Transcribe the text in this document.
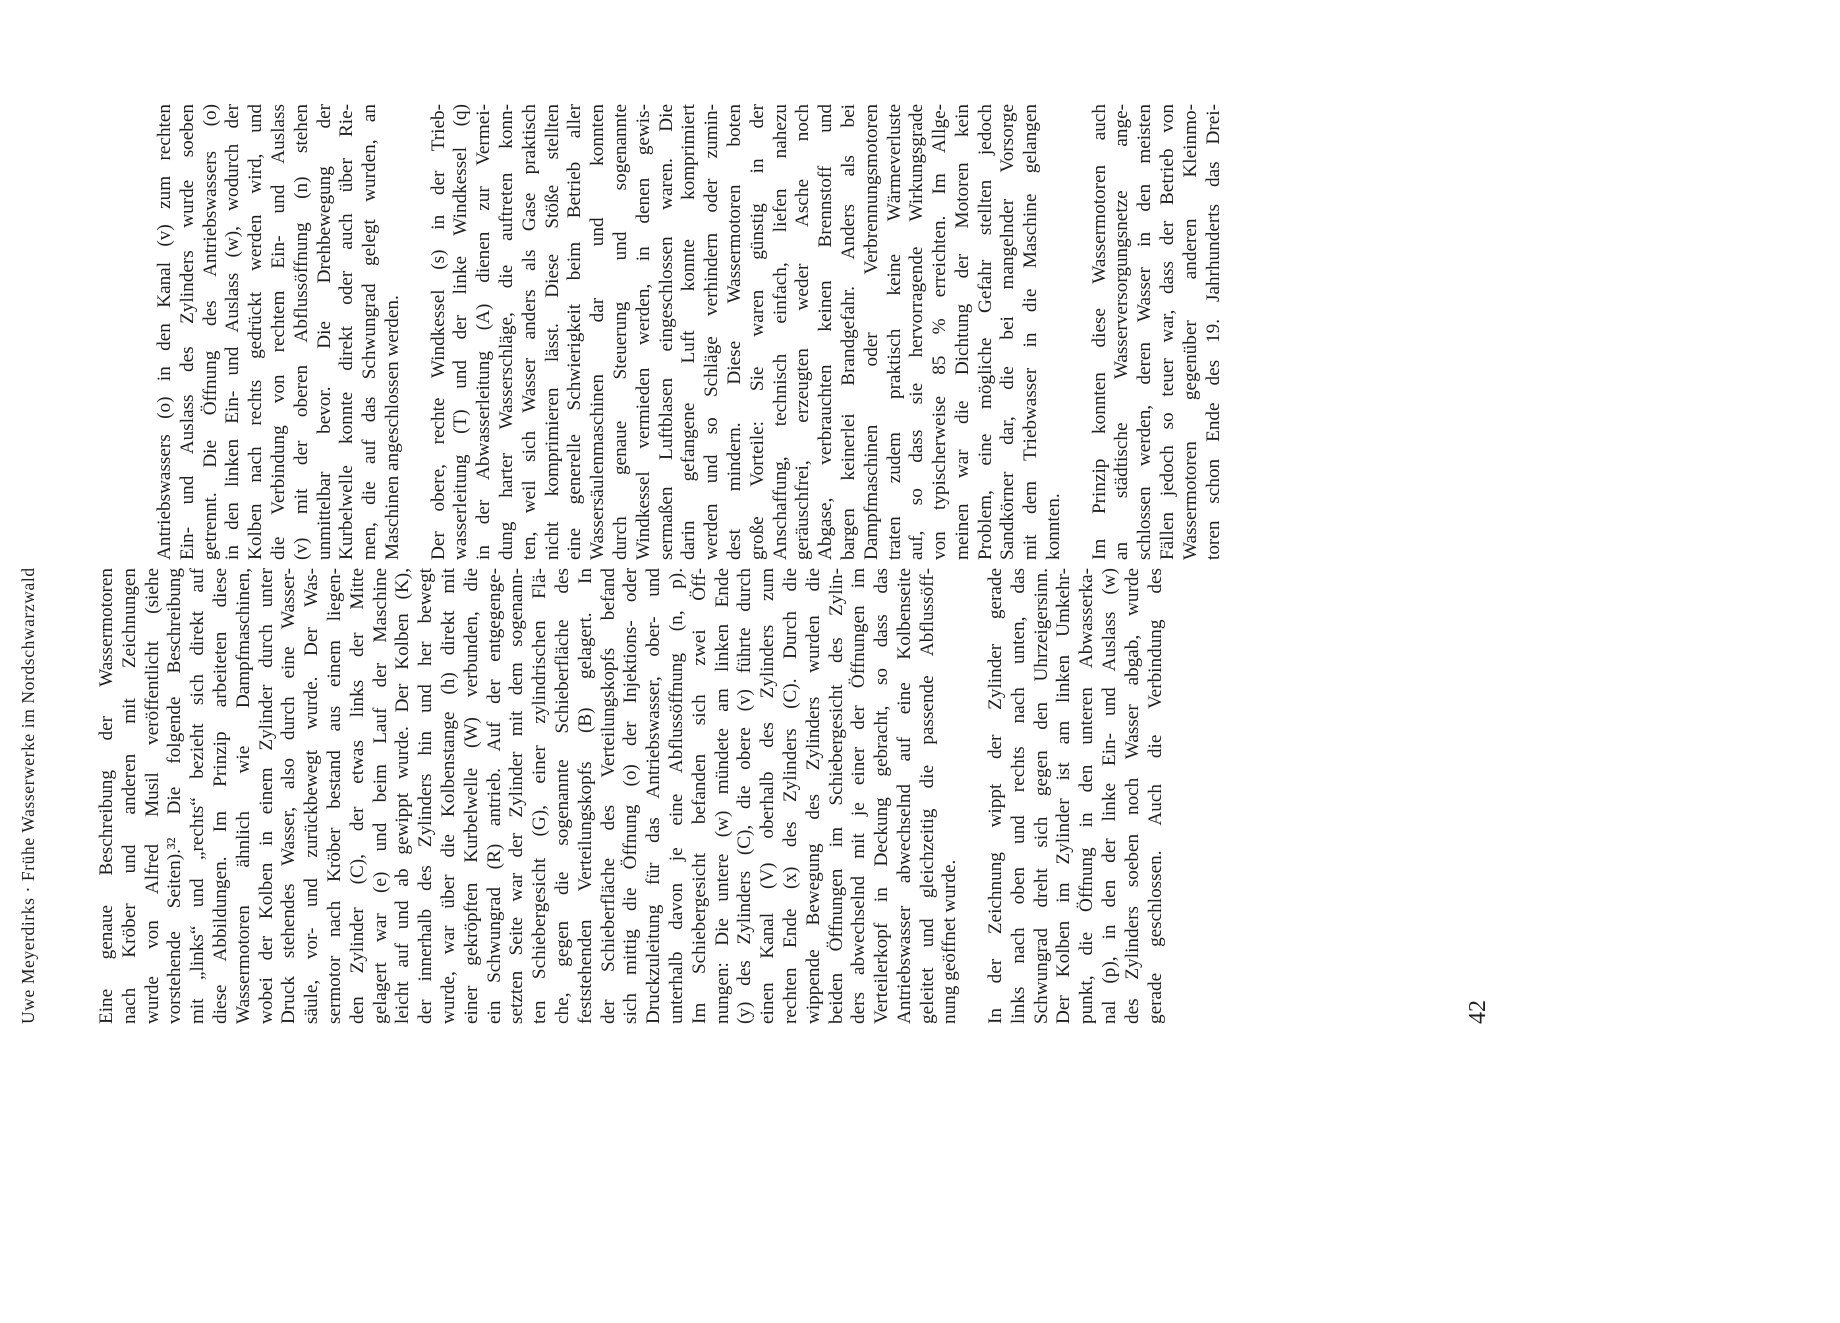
Uwe Meyerdirks · Frühe Wasserwerke im Nordschwarzwald	Eine genaue Beschreibung der Wassermotoren nach Kröber und anderen mit Zeichnungen wurde von Alfred Musil veröffentlicht (siehe vorstehende Seiten).³² Die folgende Beschreibung mit „links“ und „rechts“ bezieht sich direkt auf diese Abbildungen. Im Prinzip arbeiteten diese Wassermotoren ähnlich wie Dampfmaschinen, wobei der Kolben in einem Zylinder durch unter Druck stehendes Wasser, also durch eine Wasser- säule, vor- und zurückbewegt wurde. Der Was- sermotor nach Kröber bestand aus einem liegen- den Zylinder (C), der etwas links der Mitte gelagert war (e) und beim Lauf der Maschine leicht auf und ab gewippt wurde. Der Kolben (K), der innerhalb des Zylinders hin und her bewegt wurde, war über die Kolbenstange (h) direkt mit einer gekröpften Kurbelwelle (W) verbunden, die ein Schwungrad (R) antrieb. Auf der entgegenge- setzten Seite war der Zylinder mit dem sogenann- ten Schiebergesicht (G), einer zylindrischen Flä- che, gegen die sogenannte Schieberfläche des feststehenden Verteilungskopfs (B) gelagert. In der Schieberfläche des Verteilungskopfs befand sich mittig die Öffnung (o) der Injektions- oder Druckzuleitung für das Antriebswasser, ober- und unterhalb davon je eine Abflussöffnung (n, p). Im Schiebergesicht befanden sich zwei Öff- nungen: Die untere (w) mündete am linken Ende (y) des Zylinders (C), die obere (v) führte durch einen Kanal (V) oberhalb des Zylinders zum rechten Ende (x) des Zylinders (C). Durch die wippende Bewegung des Zylinders wurden die beiden Öffnungen im Schiebergesicht des Zylin- ders abwechselnd mit je einer der Öffnungen im Verteilerkopf in Deckung gebracht, so dass das Antriebswasser abwechselnd auf eine Kolbenseite geleitet und gleichzeitig die passende Abflussöff- nung geöffnet wurde. In der Zeichnung wippt der Zylinder gerade links nach oben und rechts nach unten, das Schwungrad dreht sich gegen den Uhrzeigersinn. Der Kolben im Zylinder ist am linken Umkehr- punkt, die Öffnung in den unteren Abwasserka- nal (p), in den der linke Ein- und Auslass (w) des Zylinders soeben noch Wasser abgab, wurde gerade geschlossen. Auch die Verbindung des
Antriebswassers (o) in den Kanal (v) zum rechten Ein- und Auslass des Zylinders wurde soeben getrennt. Die Öffnung des Antriebswassers (o) in den linken Ein- und Auslass (w), wodurch der Kolben nach rechts gedrückt werden wird, und die Verbindung von rechtem Ein- und Auslass (v) mit der oberen Abflussöffnung (n) stehen unmittelbar bevor. Die Drehbewegung der Kurbelwelle konnte direkt oder auch über Rie- men, die auf das Schwungrad gelegt wurden, an Maschinen angeschlossen werden. Der obere, rechte Windkessel (s) in der Trieb- wasserleitung (T) und der linke Windkessel (q) in der Abwasserleitung (A) dienen zur Vermei- dung harter Wasserschläge, die auftreten konn- ten, weil sich Wasser anders als Gase praktisch nicht komprimieren lässt. Diese Stöße stellten eine generelle Schwierigkeit beim Betrieb aller Wassersäulenmaschinen dar und konnten durch genaue Steuerung und sogenannte Windkessel vermieden werden, in denen gewis- sermaßen Luftblasen eingeschlossen waren. Die darin gefangene Luft konnte komprimiert werden und so Schläge verhindern oder zumin- dest mindern. Diese Wassermotoren boten große Vorteile: Sie waren günstig in der Anschaffung, technisch einfach, liefen nahezu geräuschfrei, erzeugten weder Asche noch Abgase, verbrauchten keinen Brennstoff und bargen keinerlei Brandgefahr. Anders als bei Dampfmaschinen oder Verbrennungsmotoren traten zudem praktisch keine Wärmeverluste auf, so dass sie hervorragende Wirkungsgrade von typischerweise 85 % erreichten. Im Allge- meinen war die Dichtung der Motoren kein Problem, eine mögliche Gefahr stellten jedoch Sandkörner dar, die bei mangelnder Vorsorge mit dem Triebwasser in die Maschine gelangen konnten. Im Prinzip konnten diese Wassermotoren auch an städtische Wasserversorgungsnetze ange- schlossen werden, deren Wasser in den meisten Fällen jedoch so teuer war, dass der Betrieb von Wassermotoren gegenüber anderen Kleinmo- toren schon Ende des 19. Jahrhunderts das Drei-
42
